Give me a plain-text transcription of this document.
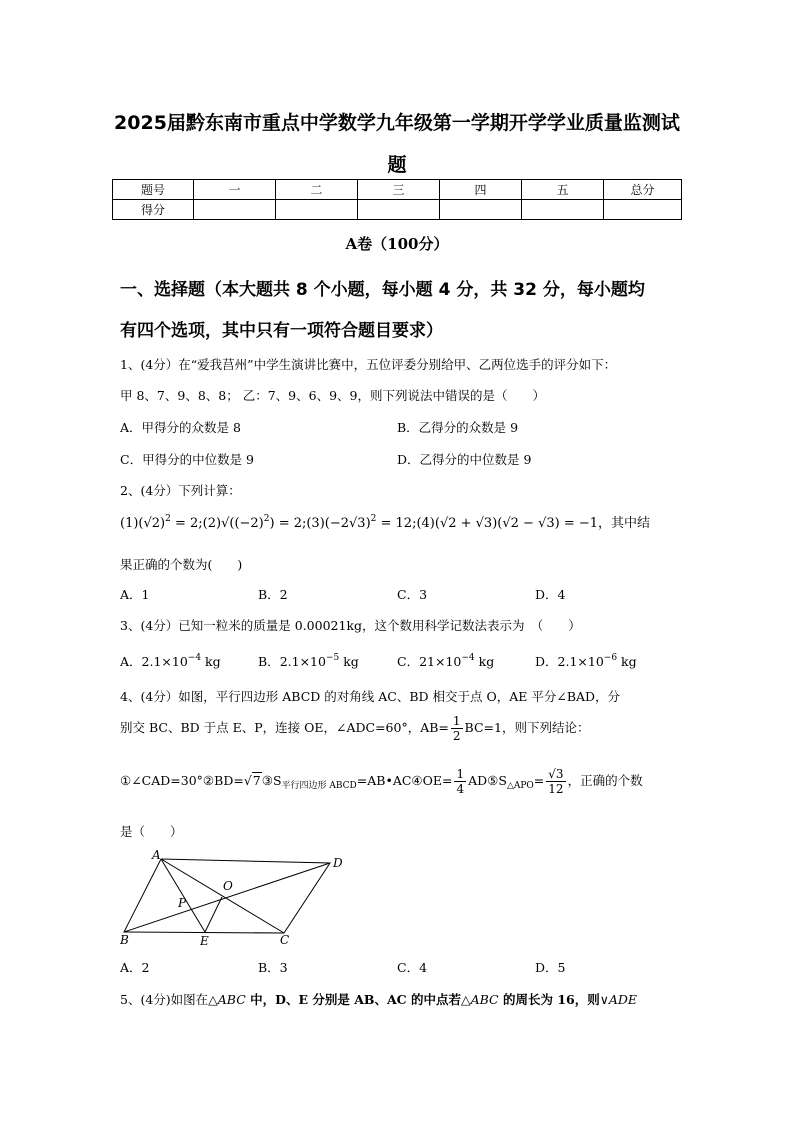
2025届黔东南市重点中学数学九年级第一学期开学学业质量监测试
题
题号	一	二	三	四	五	总分
得分						
A卷（100分）
一、选择题（本大题共 8 个小题，每小题 4 分，共 32 分，每小题均
有四个选项，其中只有一项符合题目要求）
1、(4分）在“爱我莒州”中学生演讲比赛中，五位评委分别给甲、乙两位选手的评分如下：
甲 8、7、9、8、8； 乙：7、9、6、9、9，则下列说法中错误的是（　　）
A．甲得分的众数是 8	B．乙得分的众数是 9
C．甲得分的中位数是 9	D．乙得分的中位数是 9
2、(4分）下列计算：
$(1)(√2)^2$ = $2;(2)√((-2)^2)$ = $2;(3)(-2√3)^2$ = 12;(4)(√2 + √3)(√2 − √3) = −1，其中结
果正确的个数为(　　)
A．1	B．2	C．3	D．4
3、(4分）已知一粒米的质量是 0.00021kg，这个数用科学记数法表示为　（　　）
A．$2.1\times 10^{-4}$ kg	B．$2.1\times 10^{-5}$ kg	C．$21\times 10^{-4}$ kg	D．$2.1\times 10^{-6}$ kg
4、(4分）如图，平行四边形 ABCD 的对角线 AC、BD 相交于点 O，AE 平分∠BAD，分
别交 BC、BD 于点 E、P，连接 OE，∠ADC=60°，$AB= \frac{1}{2} BC=1$，则下列结论：
$①\angle CAD=30^\circ ②BD=√7③S_{平行四边形 ABCD}=AB•AC④OE= \frac{1}{4}$ $AD⑤S_{\triangle APO}= \frac{√3}{12}$ ，正确的个数
是（　　）
A
D
B	E	C
O
P
A．2	B．3	C．4	D．5
5、(4分)如图在△ABC 中，D、E 分别是 AB、AC 的中点若△ABC 的周长为 16，则∨ADE
